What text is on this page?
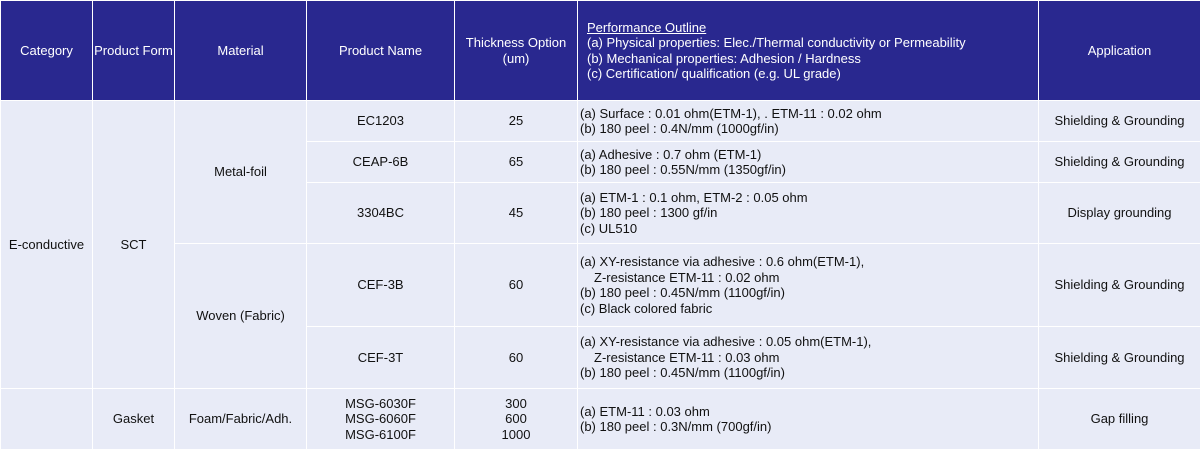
Category	Product Form	Material	Product Name	Thickness Option
(um)	Performance Outline
(a) Physical properties: Elec./Thermal conductivity or Permeability
(b) Mechanical properties: Adhesion / Hardness
(c) Certification/ qualification (e.g. UL grade)	Application
E-conductive	SCT	Metal-foil	EC1203	25	(a) Surface : 0.01 ohm(ETM-1), . ETM-11 : 0.02 ohm
(b) 180 peel : 0.4N/mm (1000gf/in)	Shielding & Grounding
			CEAP-6B	65	(a) Adhesive : 0.7 ohm (ETM-1)
(b) 180 peel : 0.55N/mm (1350gf/in)	Shielding & Grounding
			3304BC	45	(a) ETM-1 : 0.1 ohm, ETM-2 : 0.05 ohm
(b) 180 peel : 1300 gf/in
(c) UL510	Display grounding
		Woven (Fabric)	CEF-3B	60	(a) XY-resistance via adhesive : 0.6 ohm(ETM-1),
Z-resistance ETM-11 : 0.02 ohm
(b) 180 peel : 0.45N/mm (1100gf/in)
(c) Black colored fabric	Shielding & Grounding
			CEF-3T	60	(a) XY-resistance via adhesive : 0.05 ohm(ETM-1),
Z-resistance ETM-11 : 0.03 ohm
(b) 180 peel : 0.45N/mm (1100gf/in)	Shielding & Grounding
	Gasket	Foam/Fabric/Adh.	MSG-6030F
MSG-6060F
MSG-6100F	300
600
1000	(a) ETM-11 : 0.03 ohm
(b) 180 peel : 0.3N/mm (700gf/in)	Gap filling
